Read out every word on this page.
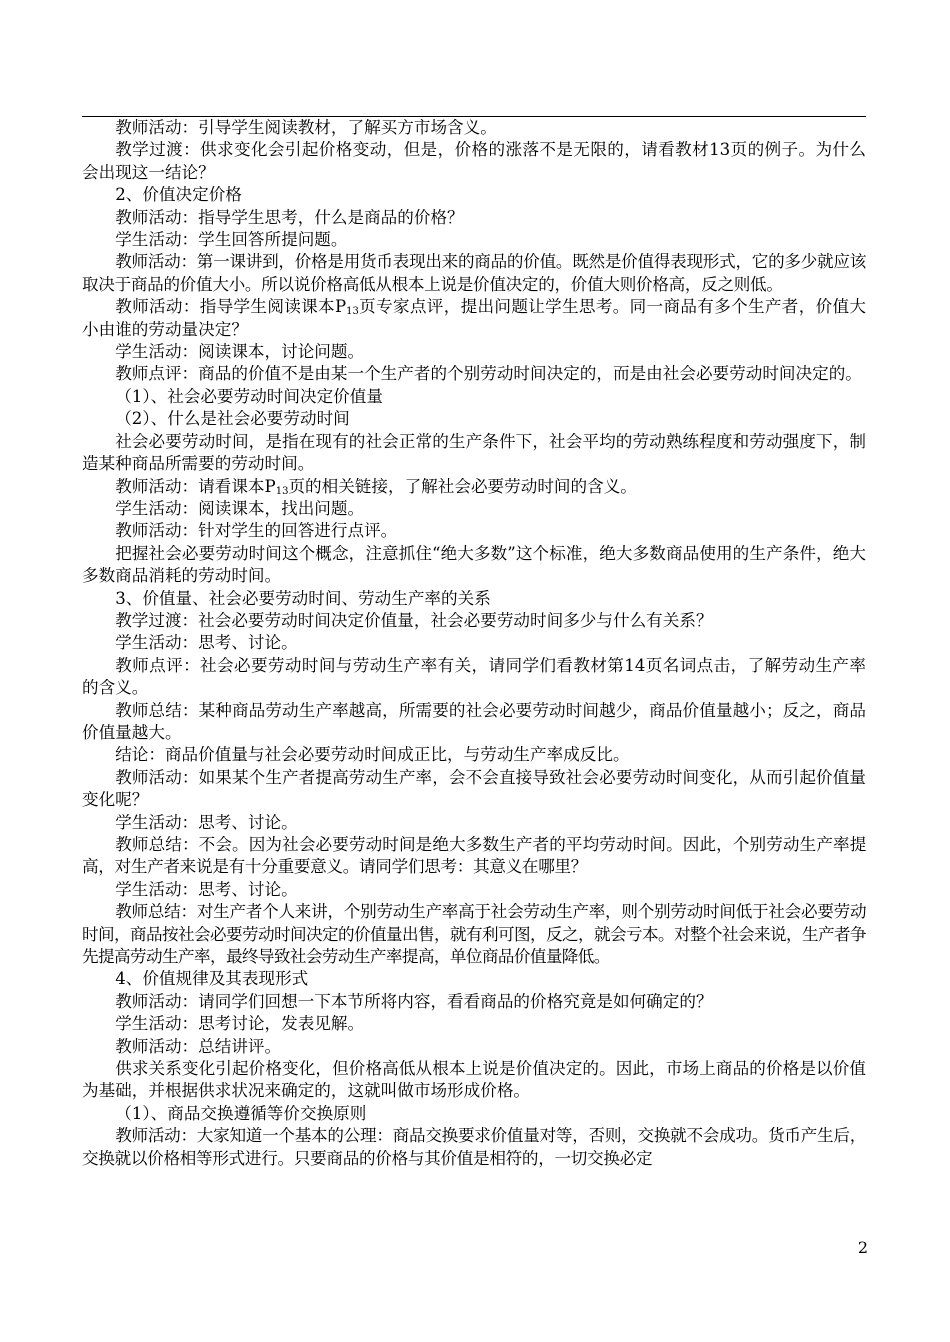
教师活动：引导学生阅读教材，了解买方市场含义。

教学过渡：供求变化会引起价格变动，但是，价格的涨落不是无限的，请看教材13页的例子。为什么会出现这一结论？

2、价值决定价格

教师活动：指导学生思考，什么是商品的价格？

学生活动：学生回答所提问题。

教师活动：第一课讲到，价格是用货币表现出来的商品的价值。既然是价值得表现形式，它的多少就应该取决于商品的价值大小。所以说价格高低从根本上说是价值决定的，价值大则价格高，反之则低。

教师活动：指导学生阅读课本$P_{13}$页专家点评，提出问题让学生思考。同一商品有多个生产者，价值大小由谁的劳动量决定？

学生活动：阅读课本，讨论问题。

教师点评：商品的价值不是由某一个生产者的个别劳动时间决定的，而是由社会必要劳动时间决定的。

（1）、社会必要劳动时间决定价值量

（2）、什么是社会必要劳动时间

社会必要劳动时间，是指在现有的社会正常的生产条件下，社会平均的劳动熟练程度和劳动强度下，制造某种商品所需要的劳动时间。

教师活动：请看课本$P_{13}$页的相关链接，了解社会必要劳动时间的含义。

学生活动：阅读课本，找出问题。

教师活动：针对学生的回答进行点评。

把握社会必要劳动时间这个概念，注意抓住“绝大多数”这个标准，绝大多数商品使用的生产条件，绝大多数商品消耗的劳动时间。

3、价值量、社会必要劳动时间、劳动生产率的关系

教学过渡：社会必要劳动时间决定价值量，社会必要劳动时间多少与什么有关系？

学生活动：思考、讨论。

教师点评：社会必要劳动时间与劳动生产率有关，请同学们看教材第14页名词点击，了解劳动生产率的含义。

教师总结：某种商品劳动生产率越高，所需要的社会必要劳动时间越少，商品价值量越小；反之，商品价值量越大。

结论：商品价值量与社会必要劳动时间成正比，与劳动生产率成反比。

教师活动：如果某个生产者提高劳动生产率，会不会直接导致社会必要劳动时间变化，从而引起价值量变化呢？

学生活动：思考、讨论。

教师总结：不会。因为社会必要劳动时间是绝大多数生产者的平均劳动时间。因此，个别劳动生产率提高，对生产者来说是有十分重要意义。请同学们思考：其意义在哪里？

学生活动：思考、讨论。

教师总结：对生产者个人来讲，个别劳动生产率高于社会劳动生产率，则个别劳动时间低于社会必要劳动时间，商品按社会必要劳动时间决定的价值量出售，就有利可图，反之，就会亏本。对整个社会来说，生产者争先提高劳动生产率，最终导致社会劳动生产率提高，单位商品价值量降低。

4、价值规律及其表现形式

教师活动：请同学们回想一下本节所将内容，看看商品的价格究竟是如何确定的？

学生活动：思考讨论，发表见解。

教师活动：总结讲评。

供求关系变化引起价格变化，但价格高低从根本上说是价值决定的。因此，市场上商品的价格是以价值为基础，并根据供求状况来确定的，这就叫做市场形成价格。

（1）、商品交换遵循等价交换原则

教师活动：大家知道一个基本的公理：商品交换要求价值量对等，否则，交换就不会成功。货币产生后，交换就以价格相等形式进行。只要商品的价格与其价值是相符的，一切交换必定

2
